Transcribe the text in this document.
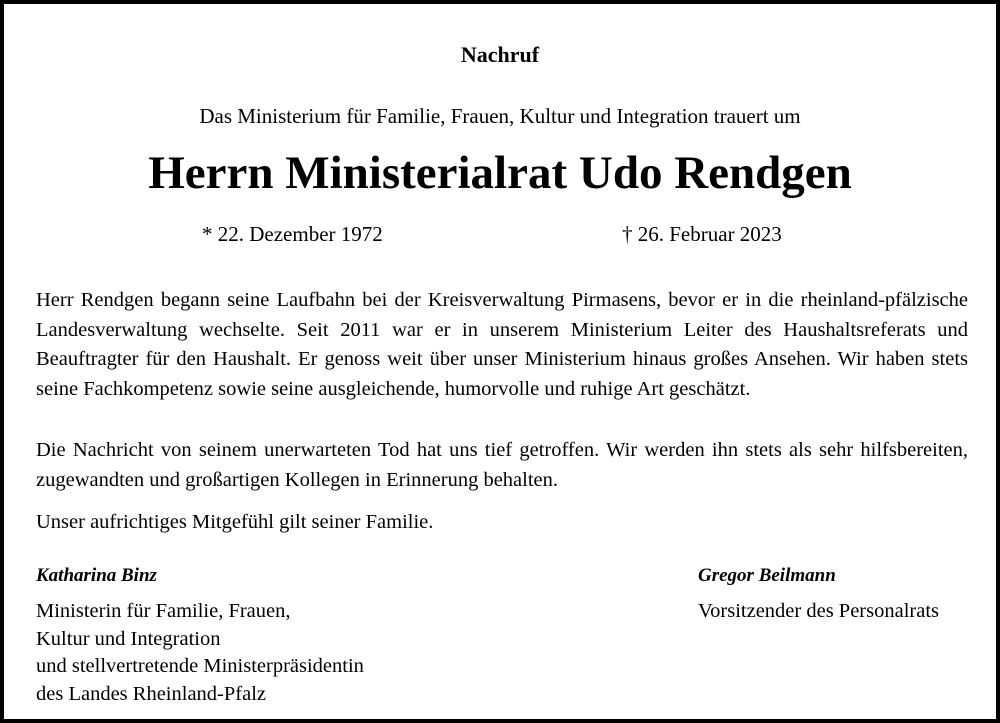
Nachruf

Das Ministerium für Familie, Frauen, Kultur und Integration trauert um

Herrn Ministerialrat Udo Rendgen

* 22. Dezember 1972	† 26. Februar 2023

Herr Rendgen begann seine Laufbahn bei der Kreisverwaltung Pirmasens, bevor er in die rheinland-pfälzische Landesverwaltung wechselte. Seit 2011 war er in unserem Ministerium Leiter des Haushaltsreferats und Beauftragter für den Haushalt. Er genoss weit über unser Ministerium hinaus großes Ansehen. Wir haben stets seine Fachkompetenz sowie seine ausgleichende, humorvolle und ruhige Art geschätzt.

Die Nachricht von seinem unerwarteten Tod hat uns tief getroffen. Wir werden ihn stets als sehr hilfsbereiten, zugewandten und großartigen Kollegen in Erinnerung behalten.

Unser aufrichtiges Mitgefühl gilt seiner Familie.

Katharina Binz	Gregor Beilmann

Ministerin für Familie, Frauen,
Kultur und Integration
und stellvertretende Ministerpräsidentin
des Landes Rheinland-Pfalz
Vorsitzender des Personalrats
